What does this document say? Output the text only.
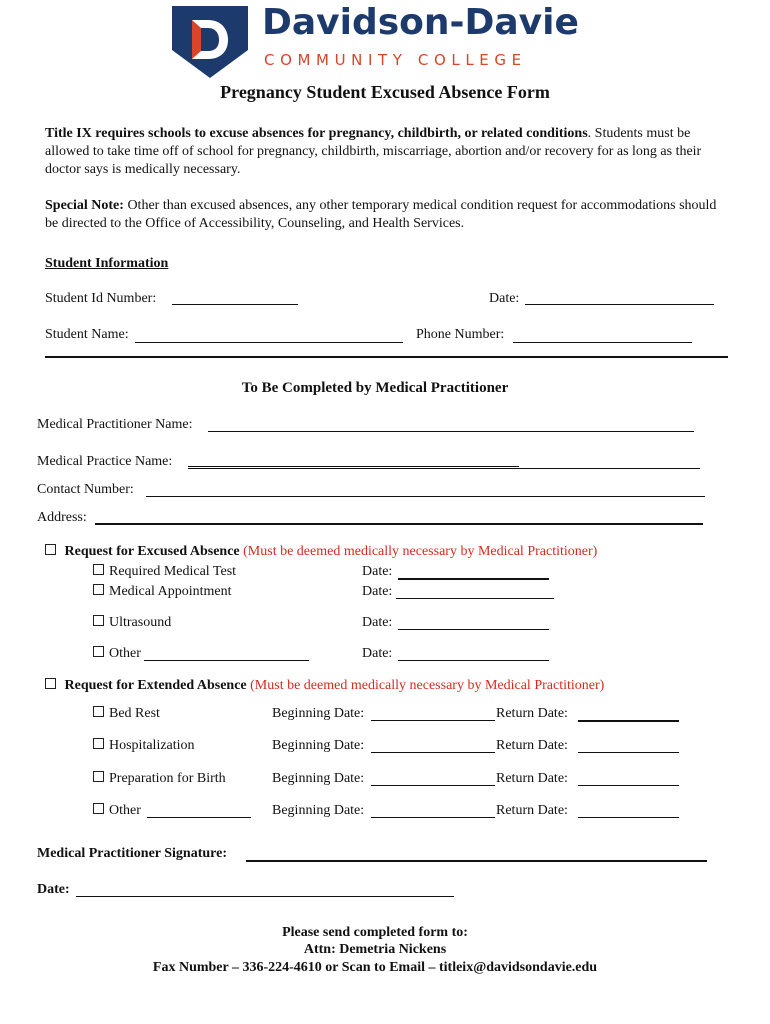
Davidson-Davie
COMMUNITY COLLEGE
Pregnancy Student Excused Absence Form
Title IX requires schools to excuse absences for pregnancy, childbirth, or related conditions. Students must be allowed to take time off of school for pregnancy, childbirth, miscarriage, abortion and/or recovery for as long as their doctor says is medically necessary.
Special Note: Other than excused absences, any other temporary medical condition request for accommodations should be directed to the Office of Accessibility, Counseling, and Health Services.
Student Information
Student Id Number:	Date:
Student Name:	Phone Number:
To Be Completed by Medical Practitioner
Medical Practitioner Name:
Medical Practice Name:
Contact Number:
Address:
Request for Excused Absence (Must be deemed medically necessary by Medical Practitioner)
Required Medical Test	Date:
Medical Appointment	Date:
Ultrasound	Date:
Other	Date:
Request for Extended Absence (Must be deemed medically necessary by Medical Practitioner)
Bed Rest	Beginning Date:	Return Date:
Hospitalization	Beginning Date:	Return Date:
Preparation for Birth	Beginning Date:	Return Date:
Other	Beginning Date:	Return Date:
Medical Practitioner Signature:
Date:
Please send completed form to:
Attn: Demetria Nickens
Fax Number – 336-224-4610 or Scan to Email – titleix@davidsondavie.edu
